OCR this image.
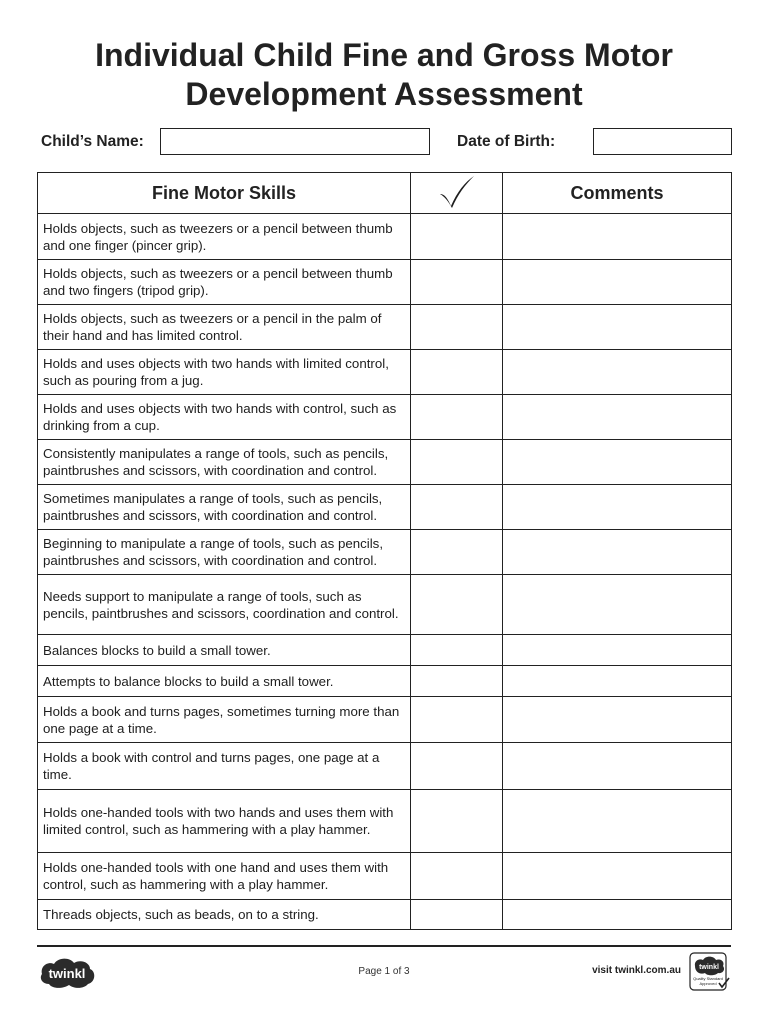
Individual Child Fine and Gross Motor
Development Assessment
Child’s Name:	Date of Birth:
Fine Motor Skills		Comments
Holds objects, such as tweezers or a pencil between thumb and one finger (pincer grip).		
Holds objects, such as tweezers or a pencil between thumb and two fingers (tripod grip).		
Holds objects, such as tweezers or a pencil in the palm of their hand and has limited control.		
Holds and uses objects with two hands with limited control, such as pouring from a jug.		
Holds and uses objects with two hands with control, such as drinking from a cup.		
Consistently manipulates a range of tools, such as pencils, paintbrushes and scissors, with coordination and control.		
Sometimes manipulates a range of tools, such as pencils, paintbrushes and scissors, with coordination and control.		
Beginning to manipulate a range of tools, such as pencils, paintbrushes and scissors, with coordination and control.		
Needs support to manipulate a range of tools, such as pencils, paintbrushes and scissors, coordination and control.		
Balances blocks to build a small tower.		
Attempts to balance blocks to build a small tower.		
Holds a book and turns pages, sometimes turning more than one page at a time.		
Holds a book with control and turns pages, one page at a time.		
Holds one-handed tools with two hands and uses them with limited control, such as hammering with a play hammer.		
Holds one-handed tools with one hand and uses them with control, such as hammering with a play hammer.		
Threads objects, such as beads, on to a string.		
twinkl	Page 1 of 3	visit twinkl.com.au	twinkl
Quality Standard
Approved
